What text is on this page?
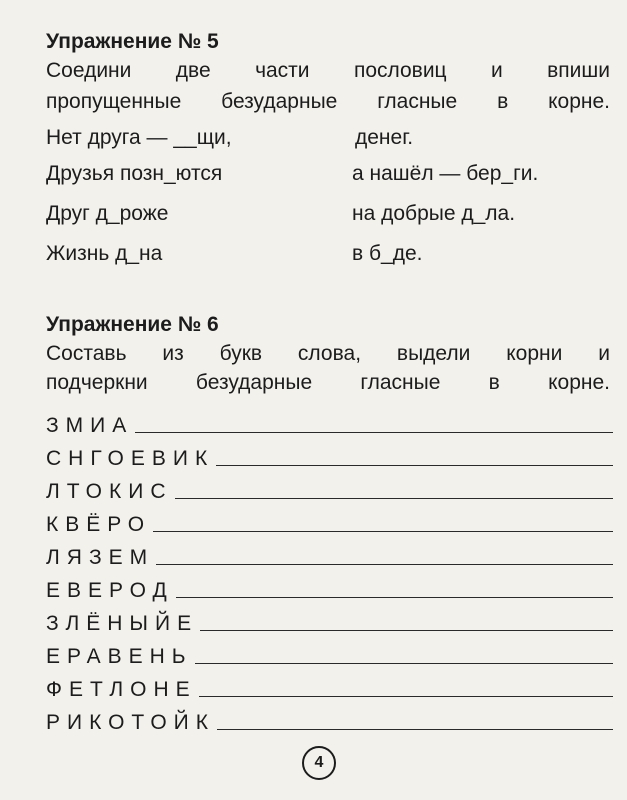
Упражнение № 5
Соедини две части пословиц и впиши
пропущенные безударные гласные в корне.
Нет друга — __щи,
Друзья позн_ются
Друг д_роже
Жизнь д_на
денег.
а нашёл — бер_ги.
на добрые д_ла.
в б_де.
Упражнение № 6
Составь из букв слова, выдели корни и
подчеркни безударные гласные в корне.
ЗМИА
СНГОЕВИК
ЛТОКИС
КВЁРО
ЛЯЗЕМ
ЕВЕРОД
ЗЛЁНЫЙЕ
ЕРАВЕНЬ
ФЕТЛОНЕ
РИКОТОЙК
4
